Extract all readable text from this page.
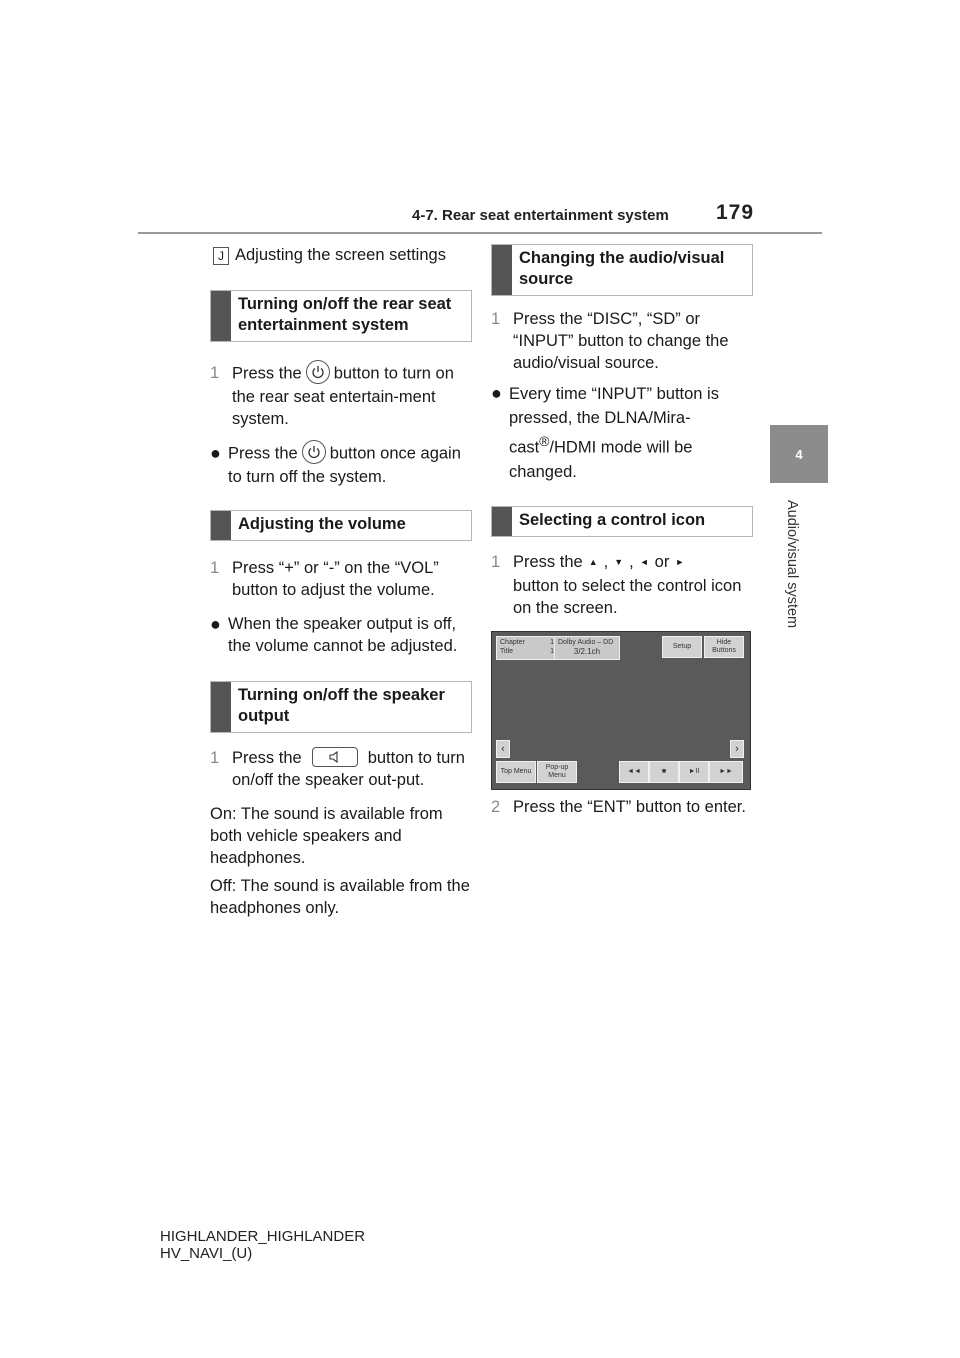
4-7. Rear seat entertainment system 179
4
Audio/visual system
J Adjusting the screen settings
Turning on/off the rear seat entertainment system
1 Press the button to turn on the rear seat entertain-ment system.
● Press the button once again to turn off the system.
Adjusting the volume
1 Press “+” or “-” on the “VOL” button to adjust the volume.
● When the speaker output is off, the volume cannot be adjusted.
Turning on/off the speaker output
1 Press the	button to turn on/off the speaker out-put.
On: The sound is available from both vehicle speakers and headphones.
Off: The sound is available from the headphones only.
Changing the audio/visual source
1 Press the “DISC”, “SD” or “INPUT” button to change the audio/visual source.
● Every time “INPUT” button is pressed, the DLNA/Mira-cast®/HDMI mode will be changed.
Selecting a control icon
1 Press the ▲ , ▼ , ◄ or ►
button to select the control icon on the screen.
Chapter	1
Title	1
Dolby Audio – DD
3/2.1ch
Setup
Hide Buttons
‹	›
Top Menu
Pop-up Menu
◄◄	■	►II	►►
2 Press the “ENT” button to enter.
HIGHLANDER_HIGHLANDER
HV_NAVI_(U)
